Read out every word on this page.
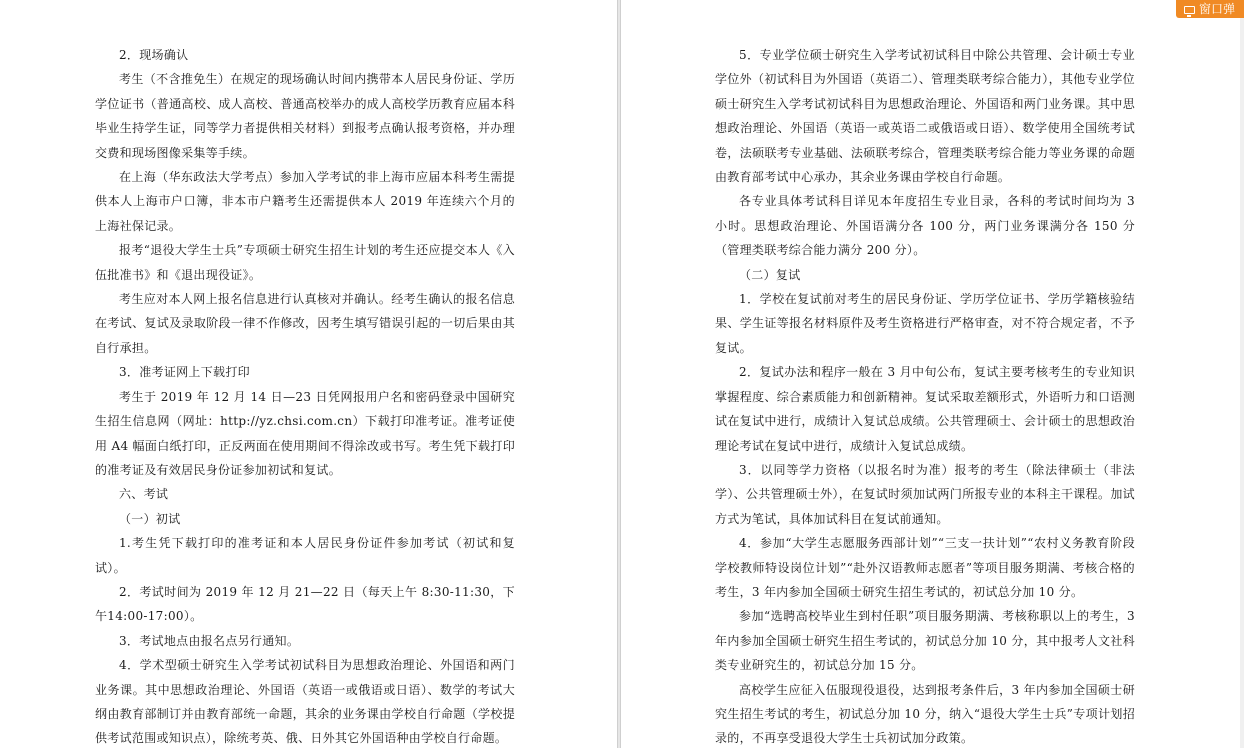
2．现场确认

考生（不含推免生）在规定的现场确认时间内携带本人居民身份证、学历学位证书（普通高校、成人高校、普通高校举办的成人高校学历教育应届本科毕业生持学生证，同等学力者提供相关材料）到报考点确认报考资格，并办理交费和现场图像采集等手续。

在上海（华东政法大学考点）参加入学考试的非上海市应届本科考生需提供本人上海市户口簿，非本市户籍考生还需提供本人 2019 年连续六个月的上海社保记录。

报考“退役大学生士兵”专项硕士研究生招生计划的考生还应提交本人《入伍批准书》和《退出现役证》。

考生应对本人网上报名信息进行认真核对并确认。经考生确认的报名信息在考试、复试及录取阶段一律不作修改，因考生填写错误引起的一切后果由其自行承担。

3．准考证网上下载打印

考生于 2019 年 12 月 14 日—23 日凭网报用户名和密码登录中国研究生招生信息网（网址：http://yz.chsi.com.cn）下载打印准考证。准考证使用 A4 幅面白纸打印，正反两面在使用期间不得涂改或书写。考生凭下载打印的准考证及有效居民身份证参加初试和复试。

六、考试

（一）初试

1.考生凭下载打印的准考证和本人居民身份证件参加考试（初试和复试）。

2．考试时间为 2019 年 12 月 21—22 日（每天上午 8:30-11:30，下午14:00-17:00）。

3．考试地点由报名点另行通知。

4．学术型硕士研究生入学考试初试科目为思想政治理论、外国语和两门业务课。其中思想政治理论、外国语（英语一或俄语或日语）、数学的考试大纲由教育部制订并由教育部统一命题，其余的业务课由学校自行命题（学校提供考试范围或知识点），除统考英、俄、日外其它外国语种由学校自行命题。

5．专业学位硕士研究生入学考试初试科目中除公共管理、会计硕士专业学位外（初试科目为外国语（英语二）、管理类联考综合能力），其他专业学位硕士研究生入学考试初试科目为思想政治理论、外国语和两门业务课。其中思想政治理论、外国语（英语一或英语二或俄语或日语）、数学使用全国统考试卷，法硕联考专业基础、法硕联考综合，管理类联考综合能力等业务课的命题由教育部考试中心承办，其余业务课由学校自行命题。

各专业具体考试科目详见本年度招生专业目录，各科的考试时间均为 3 小时。思想政治理论、外国语满分各 100 分，两门业务课满分各 150 分（管理类联考综合能力满分 200 分）。

（二）复试

1．学校在复试前对考生的居民身份证、学历学位证书、学历学籍核验结果、学生证等报名材料原件及考生资格进行严格审查，对不符合规定者，不予复试。

2．复试办法和程序一般在 3 月中旬公布，复试主要考核考生的专业知识掌握程度、综合素质能力和创新精神。复试采取差额形式，外语听力和口语测试在复试中进行，成绩计入复试总成绩。公共管理硕士、会计硕士的思想政治理论考试在复试中进行，成绩计入复试总成绩。

3．以同等学力资格（以报名时为准）报考的考生（除法律硕士（非法学）、公共管理硕士外），在复试时须加试两门所报专业的本科主干课程。加试方式为笔试，具体加试科目在复试前通知。

4．参加“大学生志愿服务西部计划”“三支一扶计划”“农村义务教育阶段学校教师特设岗位计划”“赴外汉语教师志愿者”等项目服务期满、考核合格的考生，3 年内参加全国硕士研究生招生考试的，初试总分加 10 分。

参加“选聘高校毕业生到村任职”项目服务期满、考核称职以上的考生，3 年内参加全国硕士研究生招生考试的，初试总分加 10 分，其中报考人文社科类专业研究生的，初试总分加 15 分。

高校学生应征入伍服现役退役，达到报考条件后，3 年内参加全国硕士研究生招生考试的考生，初试总分加 10 分，纳入“退役大学生士兵”专项计划招录的，不再享受退役大学生士兵初试加分政策。

窗口弹
